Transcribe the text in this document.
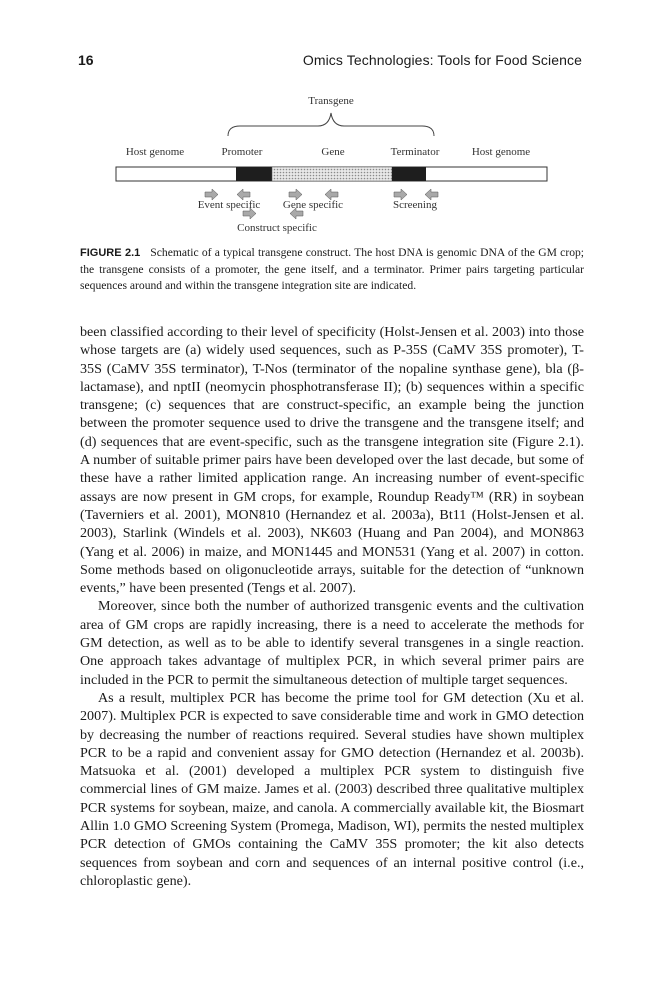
16	Omics Technologies: Tools for Food Science
Transgene
Host genome	Promoter	Gene	Terminator	Host genome
Event specific Gene specific	Screening
Construct specific
FIGURE 2.1 Schematic of a typical transgene construct. The host DNA is genomic DNA of the GM crop; the transgene consists of a promoter, the gene itself, and a terminator. Primer pairs targeting particular sequences around and within the transgene integration site are indicated.

been classified according to their level of specificity (Holst-Jensen et al. 2003) into those whose targets are (a) widely used sequences, such as P-35S (CaMV 35S promoter), T-35S (CaMV 35S terminator), T-Nos (terminator of the nopaline synthase gene), bla (β-lactamase), and nptII (neomycin phosphotransferase II); (b) sequences within a specific transgene; (c) sequences that are construct-specific, an example being the junction between the promoter sequence used to drive the transgene and the transgene itself; and (d) sequences that are event-specific, such as the transgene integration site (Figure 2.1). A number of suitable primer pairs have been developed over the last decade, but some of these have a rather limited application range. An increasing number of event-specific assays are now present in GM crops, for example, Roundup Ready™ (RR) in soybean (Taverniers et al. 2001), MON810 (Hernandez et al. 2003a), Bt11 (Holst-Jensen et al. 2003), Starlink (Windels et al. 2003), NK603 (Huang and Pan 2004), and MON863 (Yang et al. 2006) in maize, and MON1445 and MON531 (Yang et al. 2007) in cotton. Some methods based on oligonucleotide arrays, suitable for the detection of “unknown events,” have been presented (Tengs et al. 2007).

Moreover, since both the number of authorized transgenic events and the cultivation area of GM crops are rapidly increasing, there is a need to accelerate the methods for GM detection, as well as to be able to identify several transgenes in a single reaction. One approach takes advantage of multiplex PCR, in which several primer pairs are included in the PCR to permit the simultaneous detection of multiple target sequences.

As a result, multiplex PCR has become the prime tool for GM detection (Xu et al. 2007). Multiplex PCR is expected to save considerable time and work in GMO detection by decreasing the number of reactions required. Several studies have shown multiplex PCR to be a rapid and convenient assay for GMO detection (Hernandez et al. 2003b). Matsuoka et al. (2001) developed a multiplex PCR system to distinguish five commercial lines of GM maize. James et al. (2003) described three qualitative multiplex PCR systems for soybean, maize, and canola. A commercially available kit, the Biosmart Allin 1.0 GMO Screening System (Promega, Madison, WI), permits the nested multiplex PCR detection of GMOs containing the CaMV 35S promoter; the kit also detects sequences from soybean and corn and sequences of an internal positive control (i.e., chloroplastic gene).
